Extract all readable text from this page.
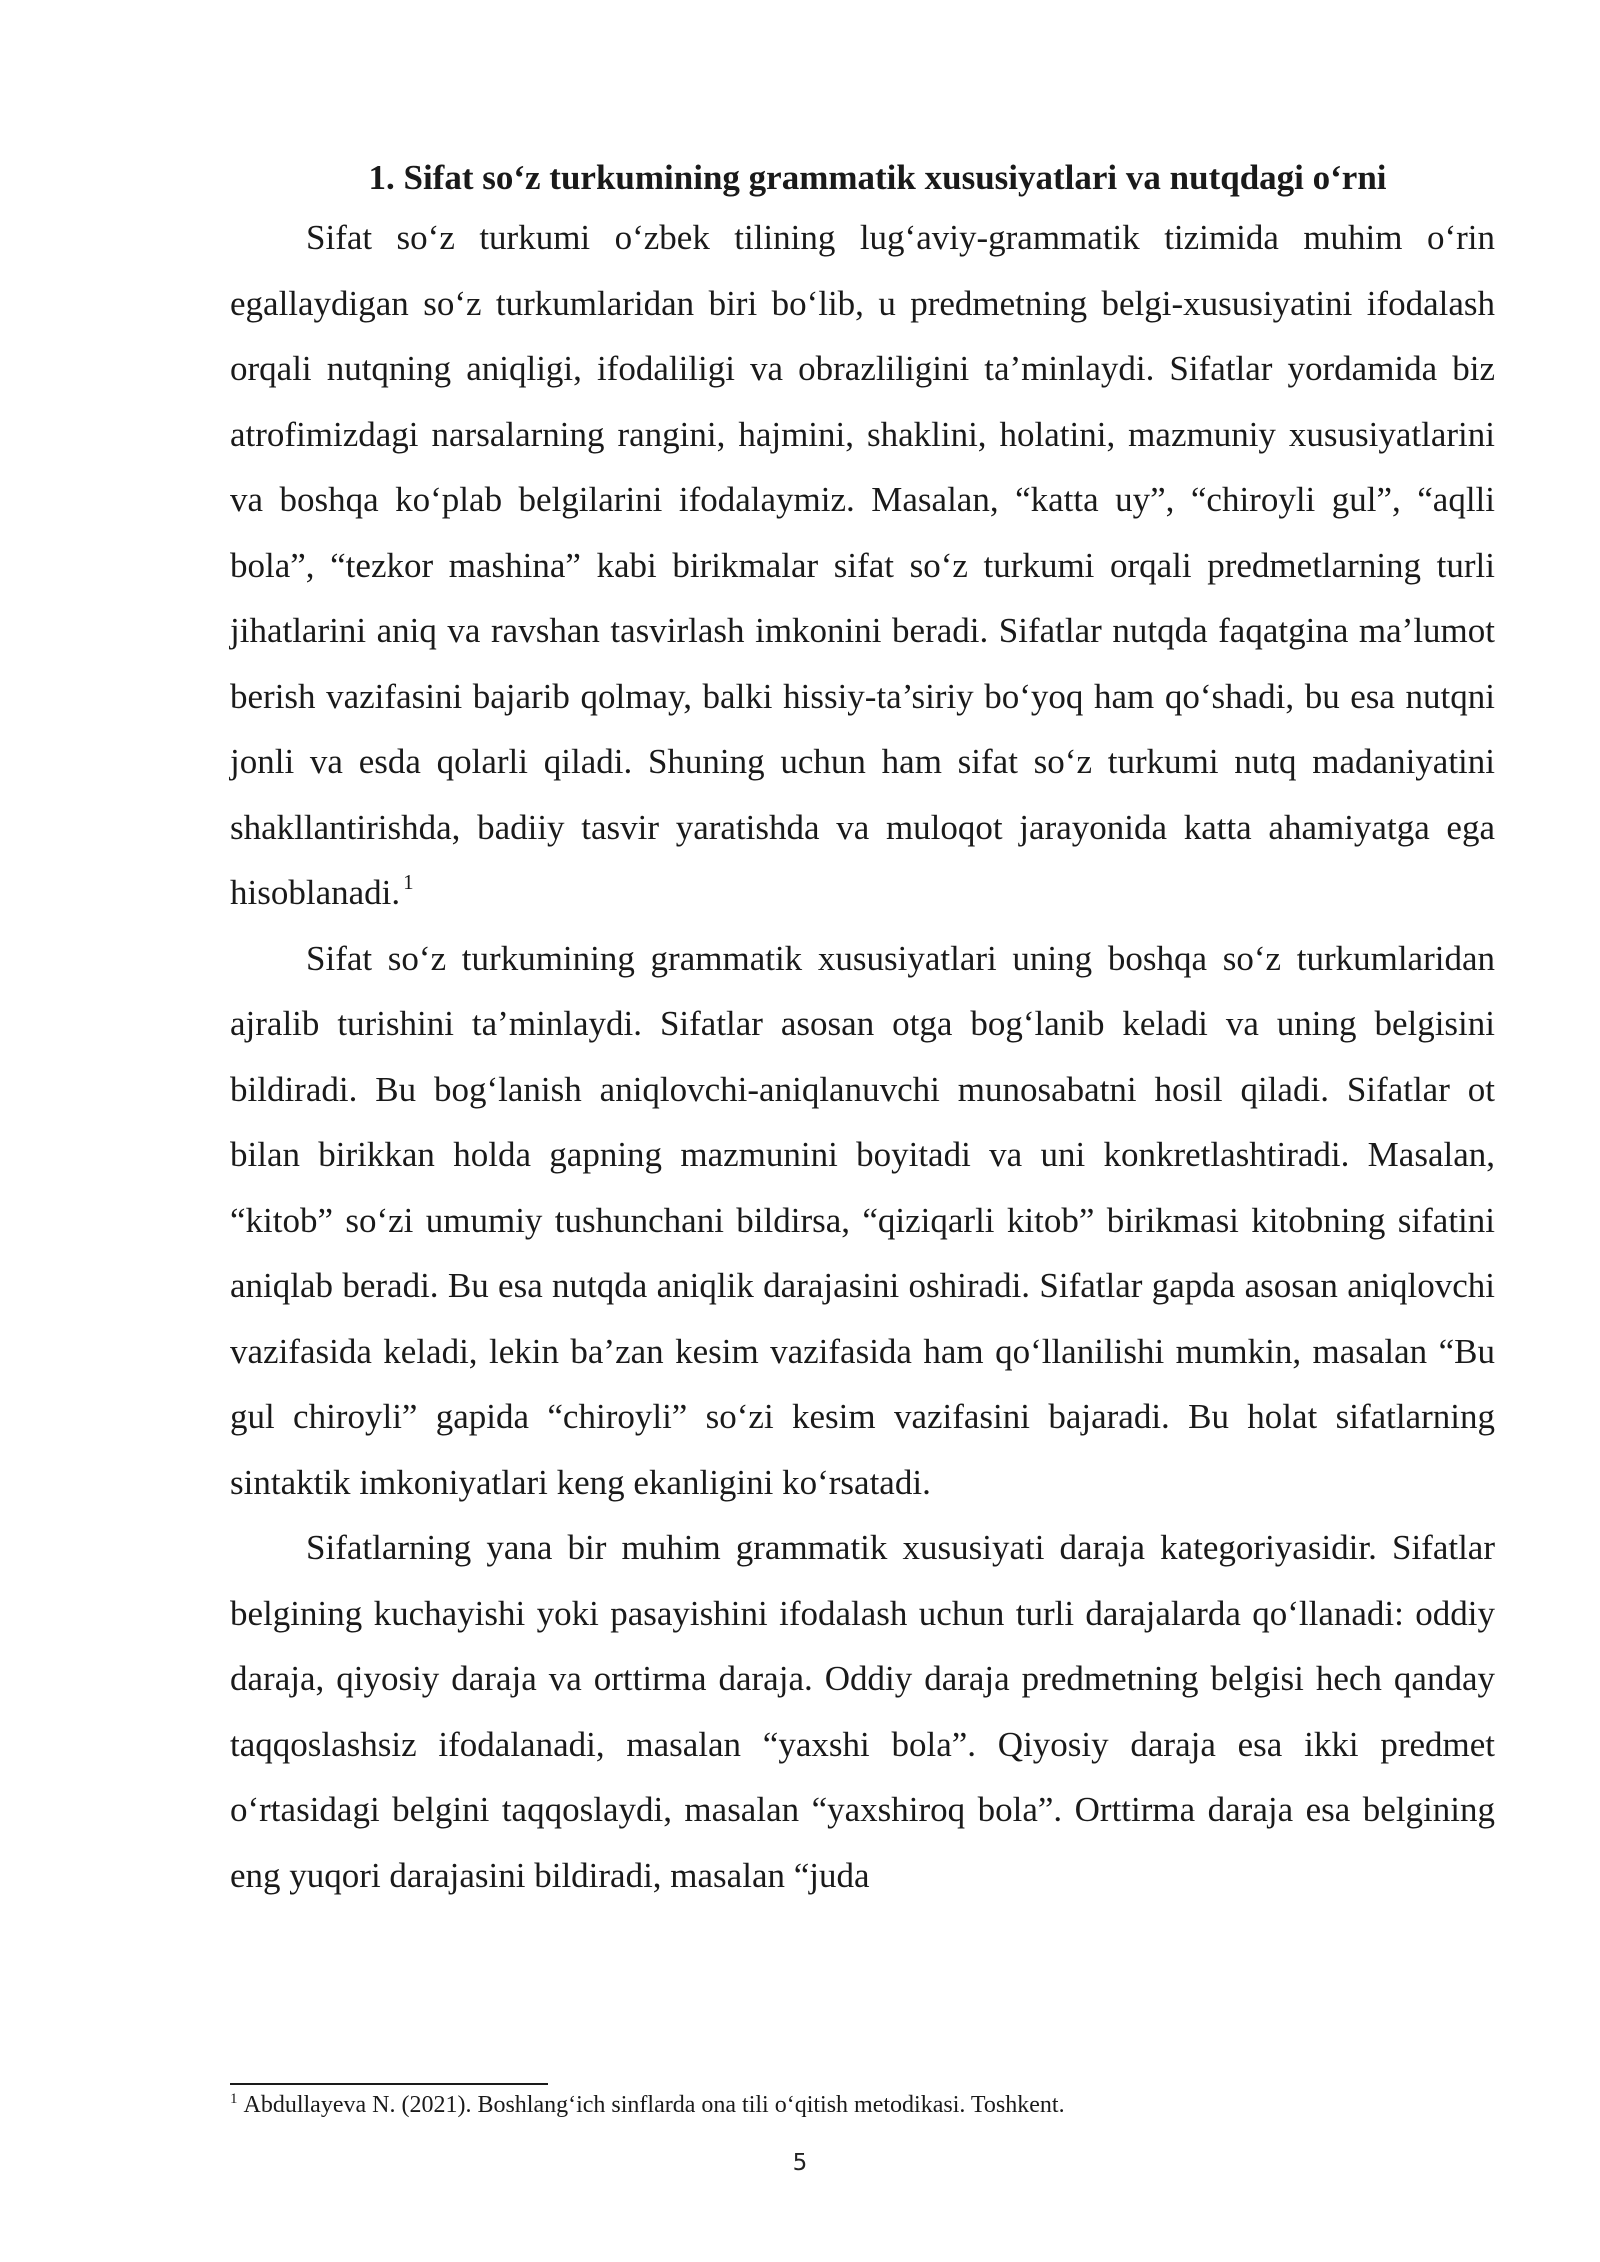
1. Sifat so‘z turkumining grammatik xususiyatlari va nutqdagi o‘rni

Sifat so‘z turkumi o‘zbek tilining lug‘aviy-grammatik tizimida muhim o‘rin egallaydigan so‘z turkumlaridan biri bo‘lib, u predmetning belgi-xususiyatini ifodalash orqali nutqning aniqligi, ifodaliligi va obrazliligini ta’minlaydi. Sifatlar yordamida biz atrofimizdagi narsalarning rangini, hajmini, shaklini, holatini, mazmuniy xususiyatlarini va boshqa ko‘plab belgilarini ifodalaymiz. Masalan, “katta uy”, “chiroyli gul”, “aqlli bola”, “tezkor mashina” kabi birikmalar sifat so‘z turkumi orqali predmetlarning turli jihatlarini aniq va ravshan tasvirlash imkonini beradi. Sifatlar nutqda faqatgina ma’lumot berish vazifasini bajarib qolmay, balki hissiy-ta’siriy bo‘yoq ham qo‘shadi, bu esa nutqni jonli va esda qolarli qiladi. Shuning uchun ham sifat so‘z turkumi nutq madaniyatini shakllantirishda, badiiy tasvir yaratishda va muloqot jarayonida katta ahamiyatga ega hisoblanadi. $^1$

Sifat so‘z turkumining grammatik xususiyatlari uning boshqa so‘z turkumlaridan ajralib turishini ta’minlaydi. Sifatlar asosan otga bog‘lanib keladi va uning belgisini bildiradi. Bu bog‘lanish aniqlovchi-aniqlanuvchi munosabatni hosil qiladi. Sifatlar ot bilan birikkan holda gapning mazmunini boyitadi va uni konkretlashtiradi. Masalan, “kitob” so‘zi umumiy tushunchani bildirsa, “qiziqarli kitob” birikmasi kitobning sifatini aniqlab beradi. Bu esa nutqda aniqlik darajasini oshiradi. Sifatlar gapda asosan aniqlovchi vazifasida keladi, lekin ba’zan kesim vazifasida ham qo‘llanilishi mumkin, masalan “Bu gul chiroyli” gapida “chiroyli” so‘zi kesim vazifasini bajaradi. Bu holat sifatlarning sintaktik imkoniyatlari keng ekanligini ko‘rsatadi.

Sifatlarning yana bir muhim grammatik xususiyati daraja kategoriyasidir. Sifatlar belgining kuchayishi yoki pasayishini ifodalash uchun turli darajalarda qo‘llanadi: oddiy daraja, qiyosiy daraja va orttirma daraja. Oddiy daraja predmetning belgisi hech qanday taqqoslashsiz ifodalanadi, masalan “yaxshi bola”. Qiyosiy daraja esa ikki predmet o‘rtasidagi belgini taqqoslaydi, masalan “yaxshiroq bola”. Orttirma daraja esa belgining eng yuqori darajasini bildiradi, masalan “juda

$^1$ Abdullayeva N. (2021). Boshlang‘ich sinflarda ona tili o‘qitish metodikasi. Toshkent.
5
